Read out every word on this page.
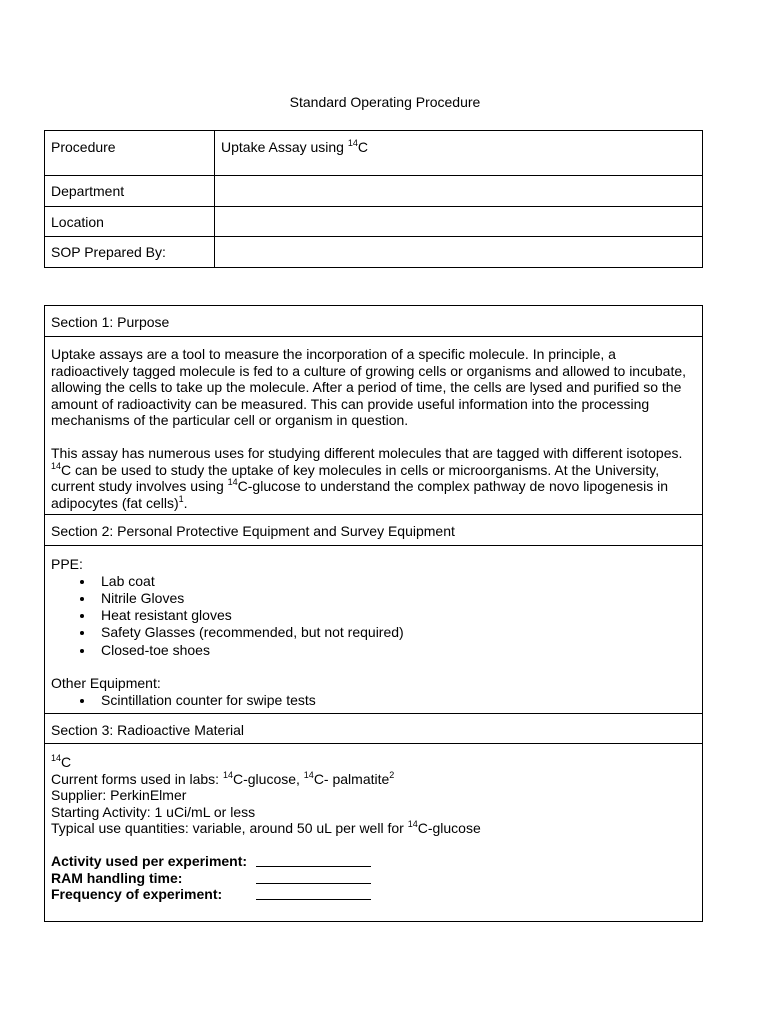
Standard Operating Procedure
Procedure	Uptake Assay using $^{14}$C
Department	
Location	
SOP Prepared By:	
Section 1: Purpose

Uptake assays are a tool to measure the incorporation of a specific molecule. In principle, a radioactively tagged molecule is fed to a culture of growing cells or organisms and allowed to incubate, allowing the cells to take up the molecule. After a period of time, the cells are lysed and purified so the amount of radioactivity can be measured. This can provide useful information into the processing mechanisms of the particular cell or organism in question.

This assay has numerous uses for studying different molecules that are tagged with different isotopes. $^{14}$C can be used to study the uptake of key molecules in cells or microorganisms. At the University, current study involves using $^{14}$C-glucose to understand the complex pathway de novo lipogenesis in adipocytes (fat cells)$^1$.

Section 2: Personal Protective Equipment and Survey Equipment

PPE:

• Lab coat
• Nitrile Gloves
• Heat resistant gloves
• Safety Glasses (recommended, but not required)
• Closed-toe shoes

Other Equipment:

• Scintillation counter for swipe tests

Section 3: Radioactive Material

$^{14}$C

Current forms used in labs: $^{14}$C-glucose, $^{14}$C- palmatite$^2$

Supplier: PerkinElmer

Starting Activity: 1 uCi/mL or less

Typical use quantities: variable, around 50 uL per well for $^{14}$C-glucose

Activity used per experiment:
RAM handling time:
Frequency of experiment:
